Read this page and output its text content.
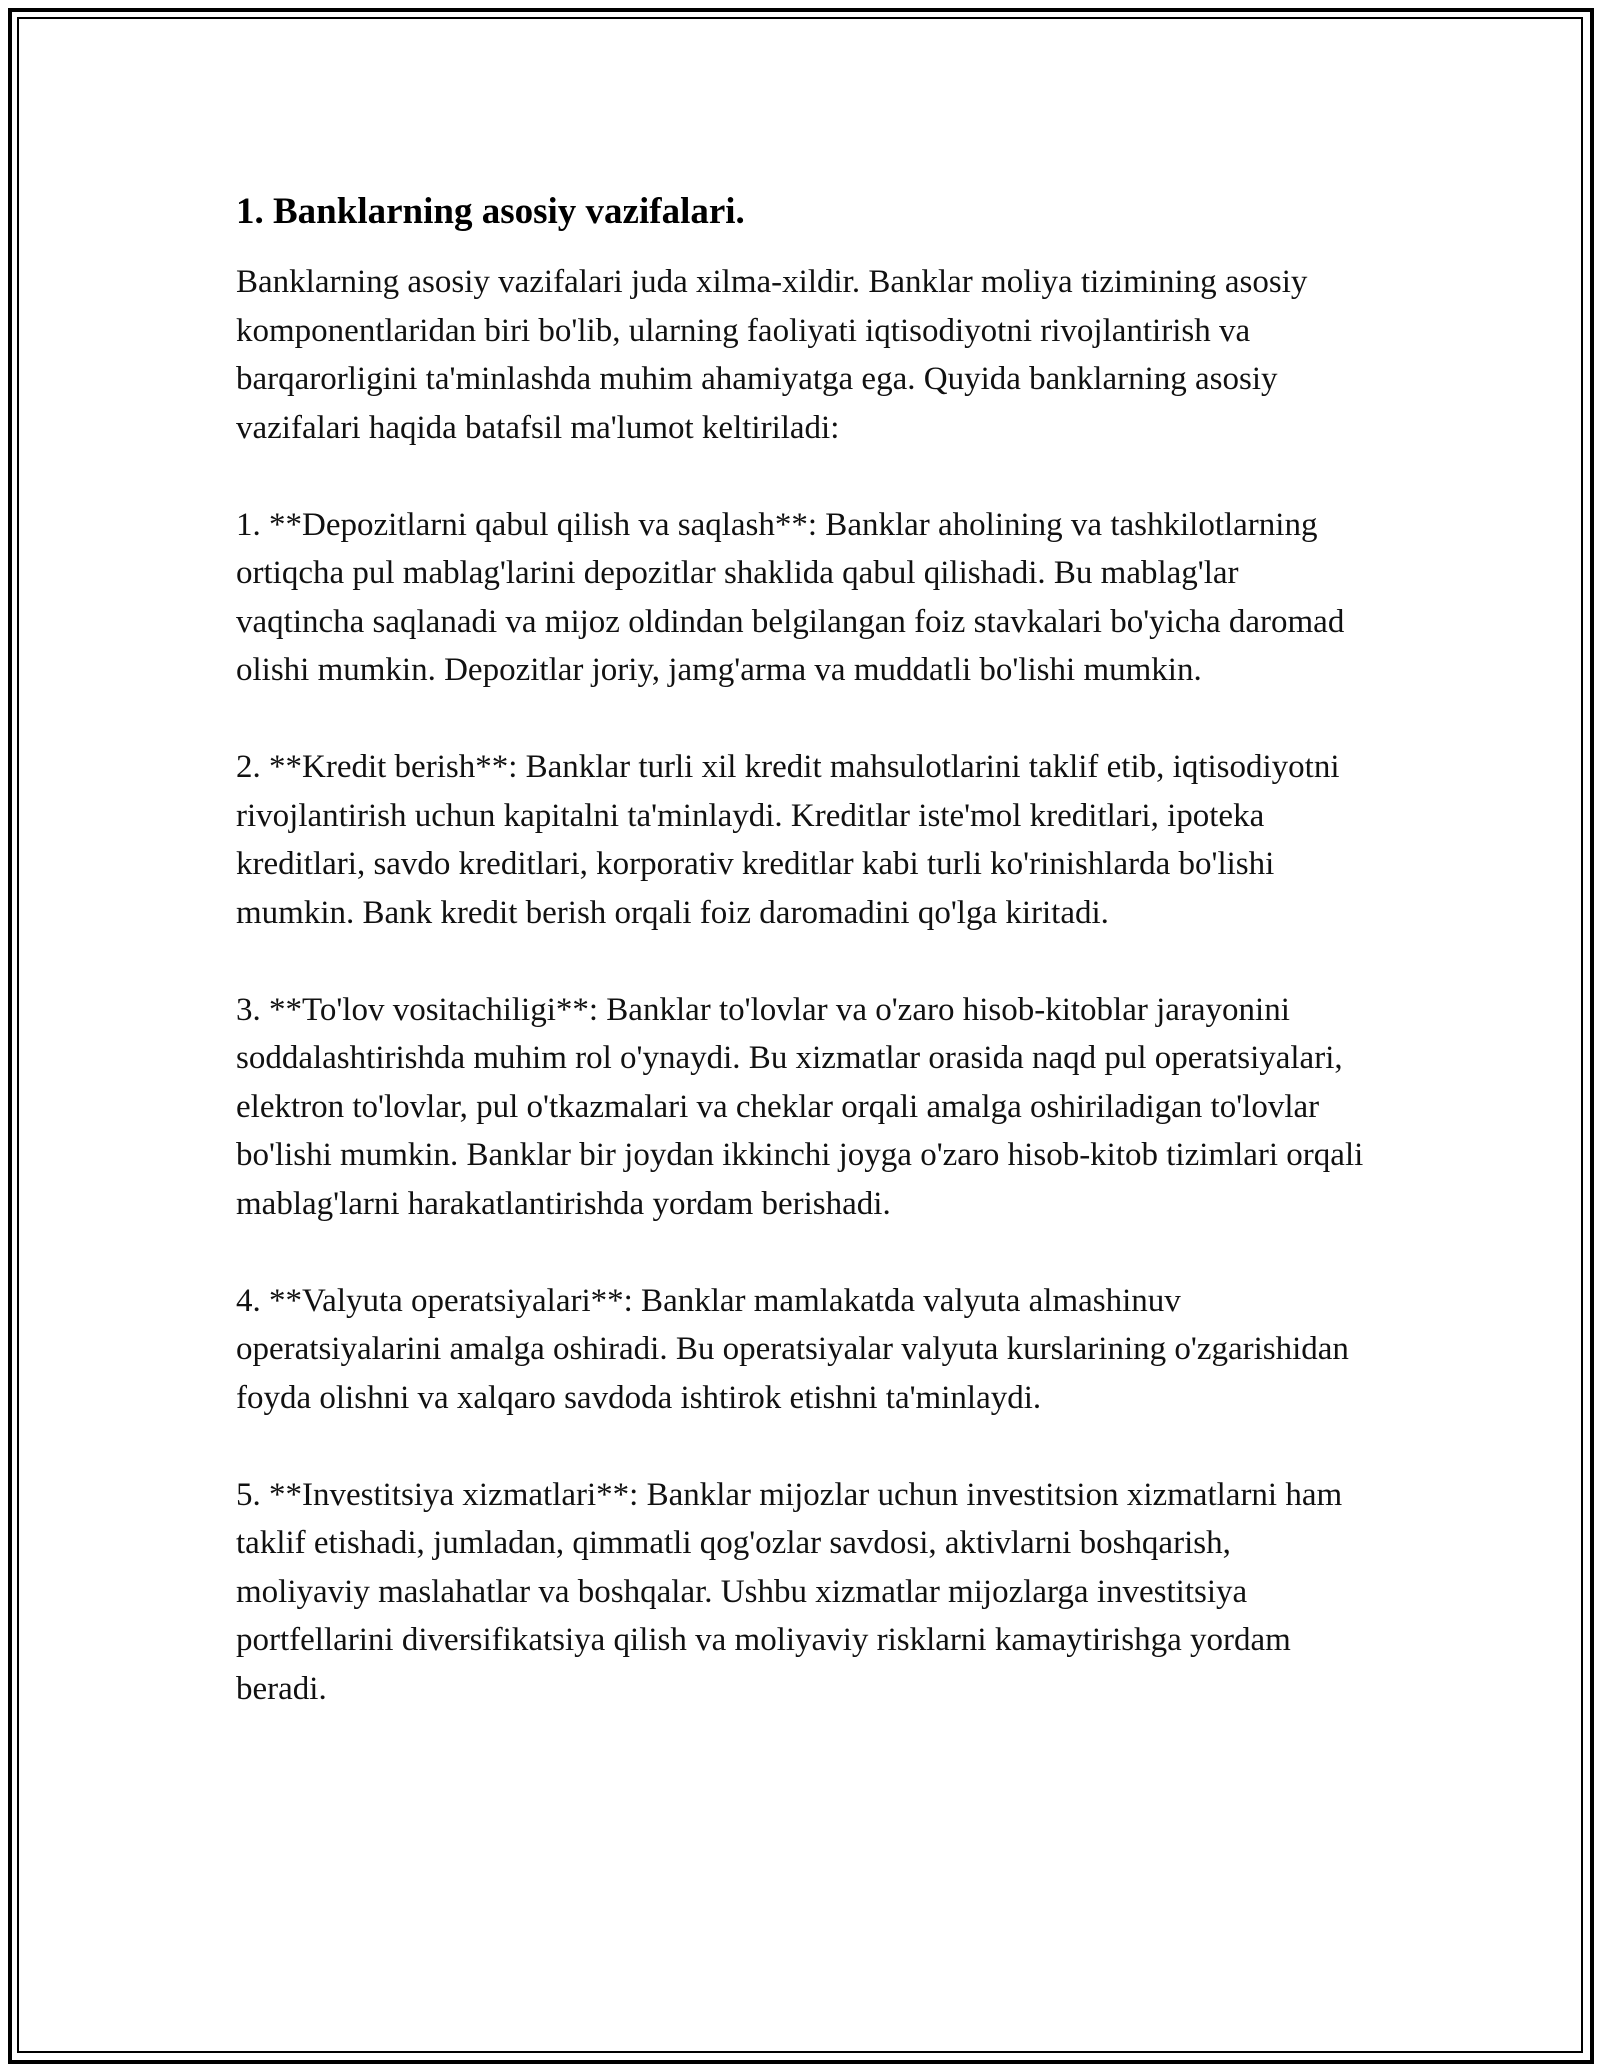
1. Banklarning asosiy vazifalari.

Banklarning asosiy vazifalari juda xilma-xildir. Banklar moliya tizimining asosiy komponentlaridan biri bo'lib, ularning faoliyati iqtisodiyotni rivojlantirish va barqarorligini ta'minlashda muhim ahamiyatga ega. Quyida banklarning asosiy vazifalari haqida batafsil ma'lumot keltiriladi:

1. **Depozitlarni qabul qilish va saqlash**: Banklar aholining va tashkilotlarning ortiqcha pul mablag'larini depozitlar shaklida qabul qilishadi. Bu mablag'lar vaqtincha saqlanadi va mijoz oldindan belgilangan foiz stavkalari bo'yicha daromad olishi mumkin. Depozitlar joriy, jamg'arma va muddatli bo'lishi mumkin.

2. **Kredit berish**: Banklar turli xil kredit mahsulotlarini taklif etib, iqtisodiyotni rivojlantirish uchun kapitalni ta'minlaydi. Kreditlar iste'mol kreditlari, ipoteka kreditlari, savdo kreditlari, korporativ kreditlar kabi turli ko'rinishlarda bo'lishi mumkin. Bank kredit berish orqali foiz daromadini qo'lga kiritadi.

3. **To'lov vositachiligi**: Banklar to'lovlar va o'zaro hisob-kitoblar jarayonini soddalashtirishda muhim rol o'ynaydi. Bu xizmatlar orasida naqd pul operatsiyalari, elektron to'lovlar, pul o'tkazmalari va cheklar orqali amalga oshiriladigan to'lovlar bo'lishi mumkin. Banklar bir joydan ikkinchi joyga o'zaro hisob-kitob tizimlari orqali mablag'larni harakatlantirishda yordam berishadi.

4. **Valyuta operatsiyalari**: Banklar mamlakatda valyuta almashinuv operatsiyalarini amalga oshiradi. Bu operatsiyalar valyuta kurslarining o'zgarishidan foyda olishni va xalqaro savdoda ishtirok etishni ta'minlaydi.

5. **Investitsiya xizmatlari**: Banklar mijozlar uchun investitsion xizmatlarni ham taklif etishadi, jumladan, qimmatli qog'ozlar savdosi, aktivlarni boshqarish, moliyaviy maslahatlar va boshqalar. Ushbu xizmatlar mijozlarga investitsiya portfellarini diversifikatsiya qilish va moliyaviy risklarni kamaytirishga yordam beradi.
